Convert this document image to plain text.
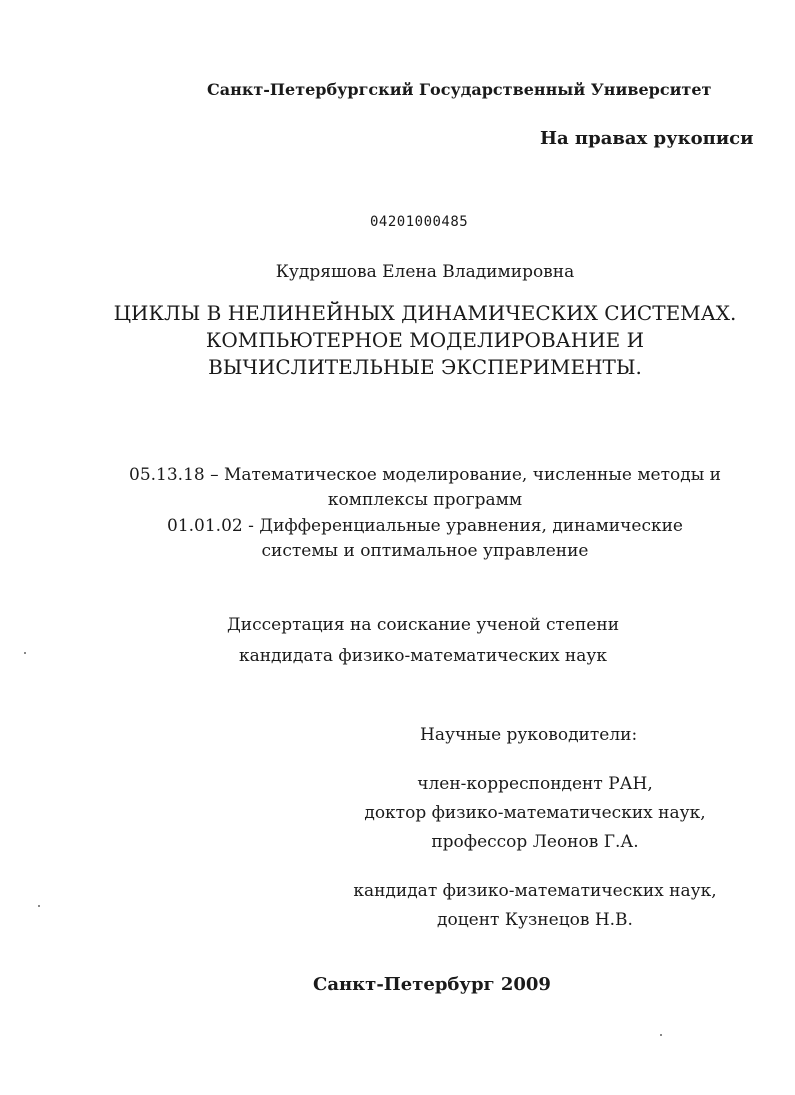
Санкт-Петербургский Государственный Университет
На правах рукописи
04201000485
Кудряшова Елена Владимировна
ЦИКЛЫ В НЕЛИНЕЙНЫХ ДИНАМИЧЕСКИХ СИСТЕМАХ.
КОМПЬЮТЕРНОЕ МОДЕЛИРОВАНИЕ И
ВЫЧИСЛИТЕЛЬНЫЕ ЭКСПЕРИМЕНТЫ.
05.13.18 – Математическое моделирование, численные методы и
комплексы программ
01.01.02 - Дифференциальные уравнения, динамические
системы и оптимальное управление
Диссертация на соискание ученой степени
кандидата физико-математических наук
Научные руководители:
член-корреспондент РАН,
доктор физико-математических наук,
профессор Леонов Г.А.
кандидат физико-математических наук,
доцент Кузнецов Н.В.
Санкт-Петербург 2009
